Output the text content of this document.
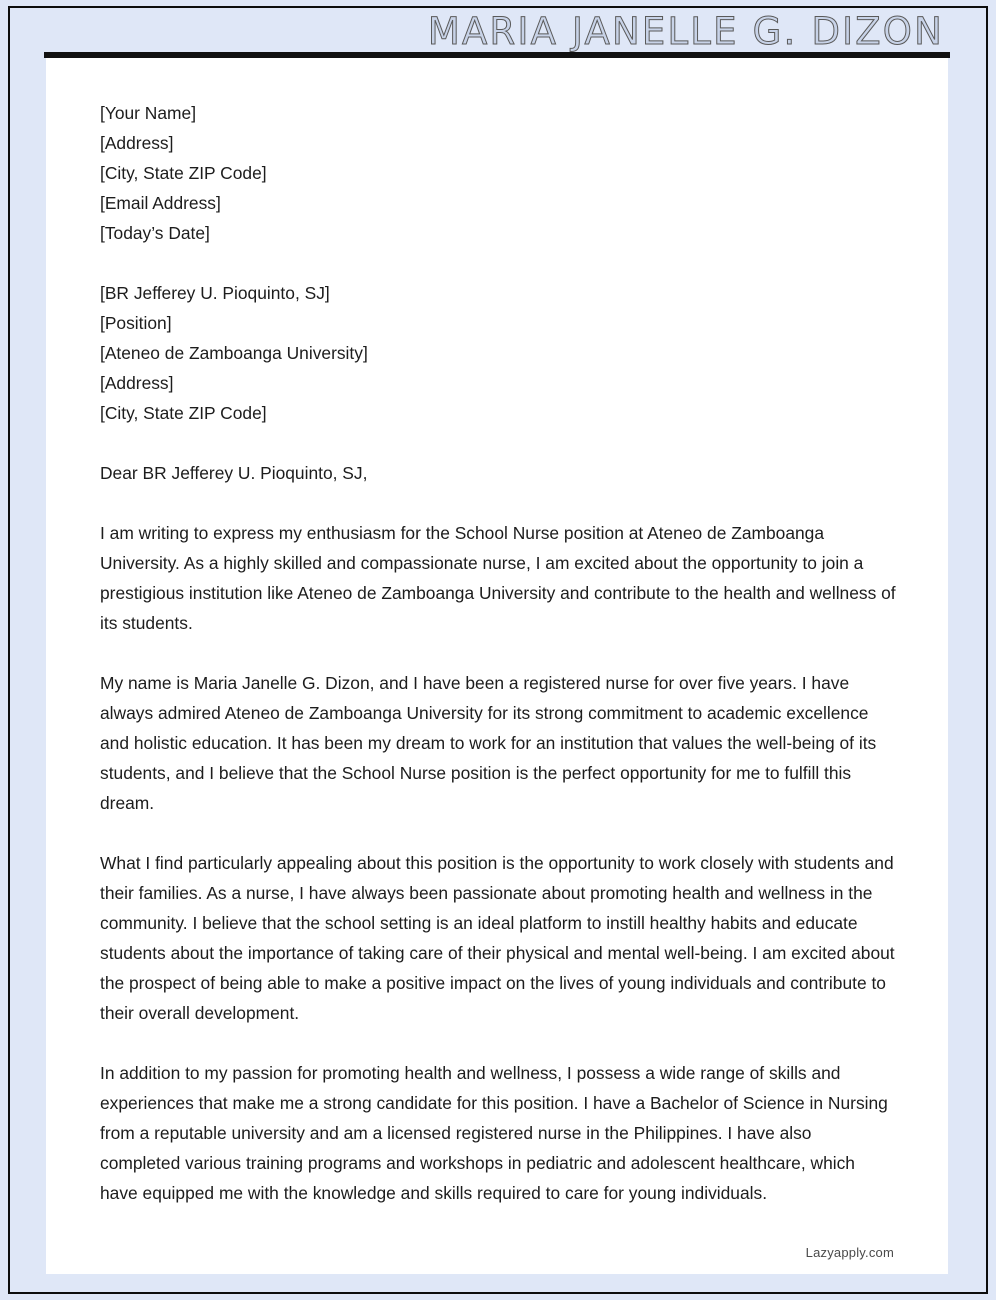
MARIA JANELLE G. DIZON
[Your Name]
[Address]
[City, State ZIP Code]
[Email Address]
[Today’s Date]
[BR Jefferey U. Pioquinto, SJ]
[Position]
[Ateneo de Zamboanga University]
[Address]
[City, State ZIP Code]

Dear BR Jefferey U. Pioquinto, SJ,

I am writing to express my enthusiasm for the School Nurse position at Ateneo de Zamboanga University. As a highly skilled and compassionate nurse, I am excited about the opportunity to join a prestigious institution like Ateneo de Zamboanga University and contribute to the health and wellness of its students.

My name is Maria Janelle G. Dizon, and I have been a registered nurse for over five years. I have always admired Ateneo de Zamboanga University for its strong commitment to academic excellence and holistic education. It has been my dream to work for an institution that values the well-being of its students, and I believe that the School Nurse position is the perfect opportunity for me to fulfill this dream.

What I find particularly appealing about this position is the opportunity to work closely with students and their families. As a nurse, I have always been passionate about promoting health and wellness in the community. I believe that the school setting is an ideal platform to instill healthy habits and educate students about the importance of taking care of their physical and mental well-being. I am excited about the prospect of being able to make a positive impact on the lives of young individuals and contribute to their overall development.

In addition to my passion for promoting health and wellness, I possess a wide range of skills and experiences that make me a strong candidate for this position. I have a Bachelor of Science in Nursing from a reputable university and am a licensed registered nurse in the Philippines. I have also completed various training programs and workshops in pediatric and adolescent healthcare, which have equipped me with the knowledge and skills required to care for young individuals.

Lazyapply.com
